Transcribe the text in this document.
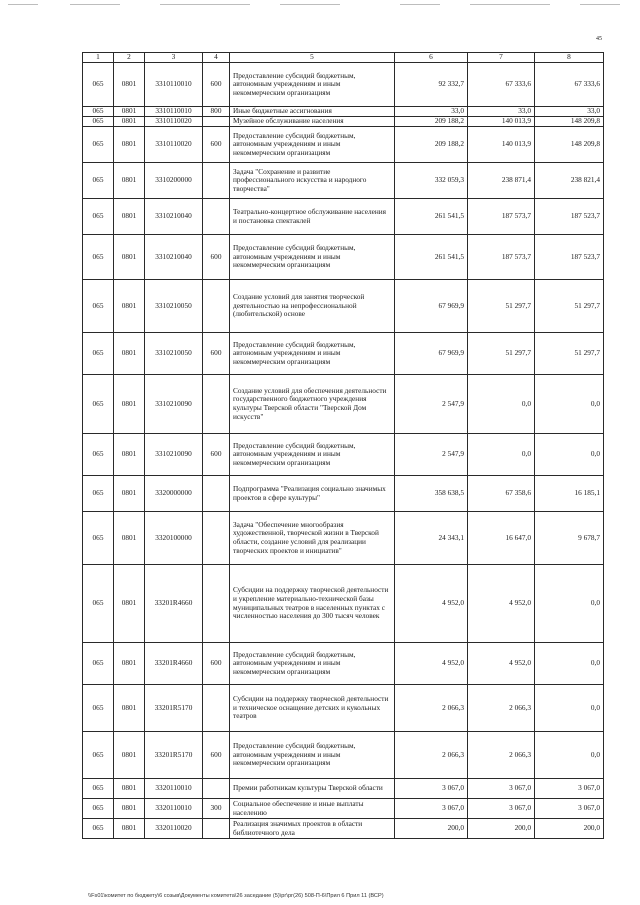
45
1	2	3	4	5	6	7	8
065	0801	3310110010	600	Предоставление субсидий бюджетным, автономным учреждениям и иным некоммерческим организациям	92 332,7	67 333,6	67 333,6
065	0801	3310110010	800	Иные бюджетные ассигнования	33,0	33,0	33,0
065	0801	3310110020		Музейное обслуживание населения	209 188,2	140 013,9	148 209,8
065	0801	3310110020	600	Предоставление субсидий бюджетным, автономным учреждениям и иным некоммерческим организациям	209 188,2	140 013,9	148 209,8
065	0801	3310200000		Задача "Сохранение и развитие профессионального искусства и народного творчества"	332 059,3	238 871,4	238 821,4
065	0801	3310210040		Театрально-концертное обслуживание населения и постановка спектаклей	261 541,5	187 573,7	187 523,7
065	0801	3310210040	600	Предоставление субсидий бюджетным, автономным учреждениям и иным некоммерческим организациям	261 541,5	187 573,7	187 523,7
065	0801	3310210050		Создание условий для занятия творческой деятельностью на непрофессиональной (любительской) основе	67 969,9	51 297,7	51 297,7
065	0801	3310210050	600	Предоставление субсидий бюджетным, автономным учреждениям и иным некоммерческим организациям	67 969,9	51 297,7	51 297,7
065	0801	3310210090		Создание условий для обеспечения деятельности государственного бюджетного учреждения культуры Тверской области "Тверской Дом искусств"	2 547,9	0,0	0,0
065	0801	3310210090	600	Предоставление субсидий бюджетным, автономным учреждениям и иным некоммерческим организациям	2 547,9	0,0	0,0
065	0801	3320000000		Подпрограмма "Реализация социально значимых проектов в сфере культуры"	358 638,5	67 358,6	16 185,1
065	0801	3320100000		Задача "Обеспечение многообразия художественной, творческой жизни в Тверской области, создание условий для реализации творческих проектов и инициатив"	24 343,1	16 647,0	9 678,7
065	0801	33201R4660		Субсидии на поддержку творческой деятельности и укрепление материально-технической базы муниципальных театров в населенных пунктах с численностью населения до 300 тысяч человек	4 952,0	4 952,0	0,0
065	0801	33201R4660	600	Предоставление субсидий бюджетным, автономным учреждениям и иным некоммерческим организациям	4 952,0	4 952,0	0,0
065	0801	33201R5170		Субсидии на поддержку творческой деятельности и техническое оснащение детских и кукольных театров	2 066,3	2 066,3	0,0
065	0801	33201R5170	600	Предоставление субсидий бюджетным, автономным учреждениям и иным некоммерческим организациям	2 066,3	2 066,3	0,0
065	0801	3320110010		Премии работникам культуры Тверской области	3 067,0	3 067,0	3 067,0
065	0801	3320110010	300	Социальное обеспечение и иные выплаты населению	3 067,0	3 067,0	3 067,0
065	0801	3320110020		Реализация значимых проектов в области библиотечного дела	200,0	200,0	200,0
\\Fs01\комитет по бюджету\6 созыв\Документы комитета\26 заседание (5)\рг\рг(26) 508-П-6\Прил 6 Прил 11 (ВСР)
